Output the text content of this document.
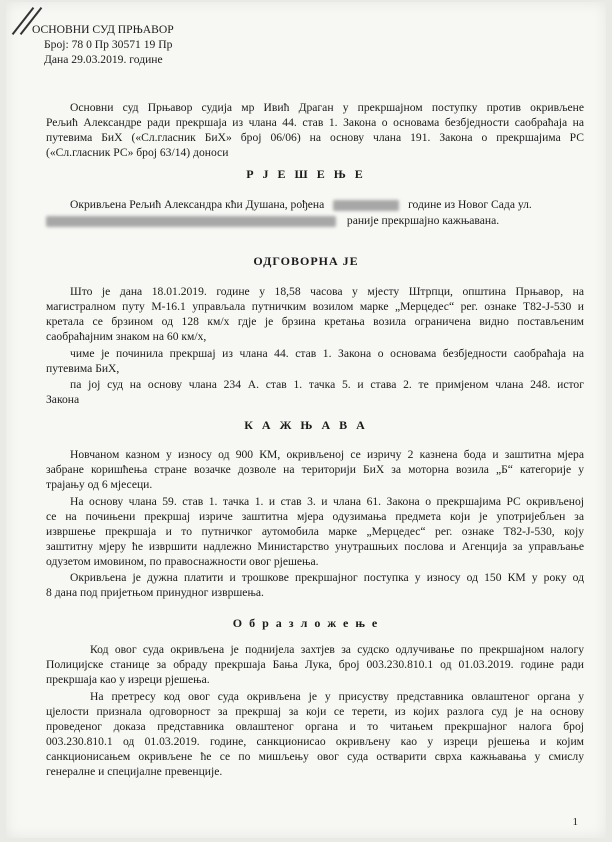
ОСНОВНИ СУД ПРЊАВОР
Број: 78 0 Пр 30571 19 Пр
Дана 29.03.2019. године
Основни суд Прњавор судија мр Ивић Драган у прекршајном поступку против окривљене
Рељић Александре ради прекршаја из члана 44. став 1. Закона о основама безбједности саобраћаја на
путевима БиХ («Сл.гласник БиХ» број 06/06) на основу члана 191. Закона о прекршајима РС
(«Сл.гласник РС» број 63/14) доноси
Р Ј Е Ш Е Њ Е
Окривљена Рељић Александра кћи Душана, рођена	године из Новог Сада ул.
раније прекршајно кажњавана.
ОДГОВОРНА ЈЕ
Што је дана 18.01.2019. године у 18,58 часова у мјесту Штрпци, општина Прњавор, на
магистралном путу М-16.1 управљала путничким возилом марке „Мерцедес“ рег. ознаке Т82-Ј-530 и
кретала се брзином од 128 км/х гдје је брзина кретања возила ограничена видно постављеним
саобраћајним знаком на 60 км/х,
чиме је починила прекршај из члана 44. став 1. Закона о основама безбједности саобраћаја на
путевима БиХ,
па јој суд на основу члана 234 А. став 1. тачка 5. и става 2. те примјеном члана 248. истог
Закона
К А Ж Њ А В А
Новчаном казном у износу од 900 КМ, окривљеној се изричу 2 казнена бода и заштитна мјера
забране коришћења стране возачке дозволе на територији БиХ за моторна возила „Б“ категорије у
трајању од 6 мјесеци.
На основу члана 59. став 1. тачка 1. и став 3. и члана 61. Закона о прекршајима РС окривљеној
се на почињени прекршај изриче заштитна мјера одузимања предмета који је употријебљен за
извршење прекршаја и то путничког аутомобила марке „Мерцедес“ рег. ознаке Т82-Ј-530, коју
заштитну мјеру ће извршити надлежно Министарство унутрашњих послова и Агенција за управљање
одузетом имовином, по правоснажности овог рјешења.
Окривљена је дужна платити и трошкове прекршајног поступка у износу од 150 КМ у року од
8 дана под пријетњом принудног извршења.
О б р а з л о ж е њ е
Код овог суда окривљена је поднијела захтјев за судско одлучивање по прекршајном налогу
Полицијске станице за обраду прекршаја Бања Лука, број 003.230.810.1 од 01.03.2019. године ради
прекршаја као у изреци рјешења.
На претресу код овог суда окривљена је у присуству представника овлаштеног органа у
цјелости признала одговорност за прекршај за који се терети, из којих разлога суд је на основу
проведеног доказа представника овлаштеног органа и то читањем прекршајног налога број
003.230.810.1 од 01.03.2019. године, санкционисао окривљену као у изреци рјешења и којим
санкционисањем окривљене ће се по мишљењу овог суда остварити сврха кажњавања у смислу
генералне и специјалне превенције.
1
